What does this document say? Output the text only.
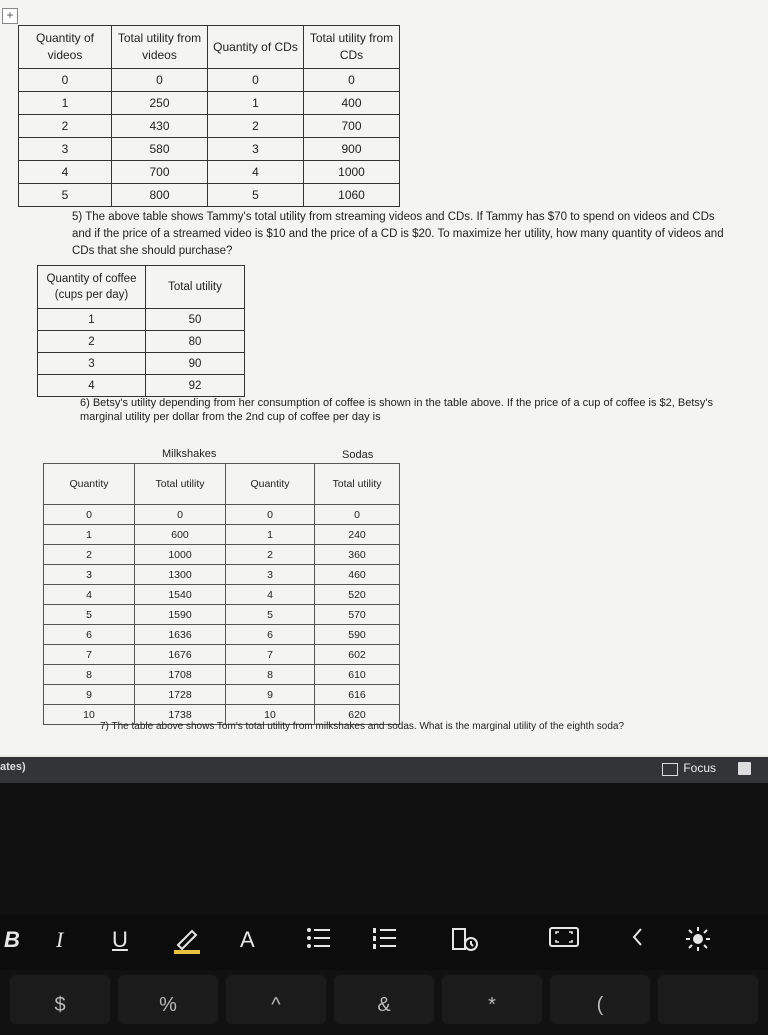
+
Quantity of videos	Total utility from videos	Quantity of CDs	Total utility from CDs
0	0	0	0
1	250	1	400
2	430	2	700
3	580	3	900
4	700	4	1000
5	800	5	1060
5) The above table shows Tammy's total utility from streaming videos and CDs. If Tammy has $70 to spend on videos and CDs and if the price of a streamed video is $10 and the price of a CD is $20. To maximize her utility, how many quantity of videos and CDs that she should purchase?
Quantity of coffee (cups per day)	Total utility
1	50
2	80
3	90
4	92
6) Betsy's utility depending from her consumption of coffee is shown in the table above. If the price of a cup of coffee is $2, Betsy's marginal utility per dollar from the 2nd cup of coffee per day is
Milkshakes	Sodas
Quantity	Total utility	Quantity	Total utility
0	0	0	0
1	600	1	240
2	1000	2	360
3	1300	3	460
4	1540	4	520
5	1590	5	570
6	1636	6	590
7	1676	7	602
8	1708	8	610
9	1728	9	616
10	1738	10	620
7) The table above shows Tom's total utility from milkshakes and sodas. What is the marginal utility of the eighth soda?
ates)	Focus
B I U	A
$	%	^	&	*	(
